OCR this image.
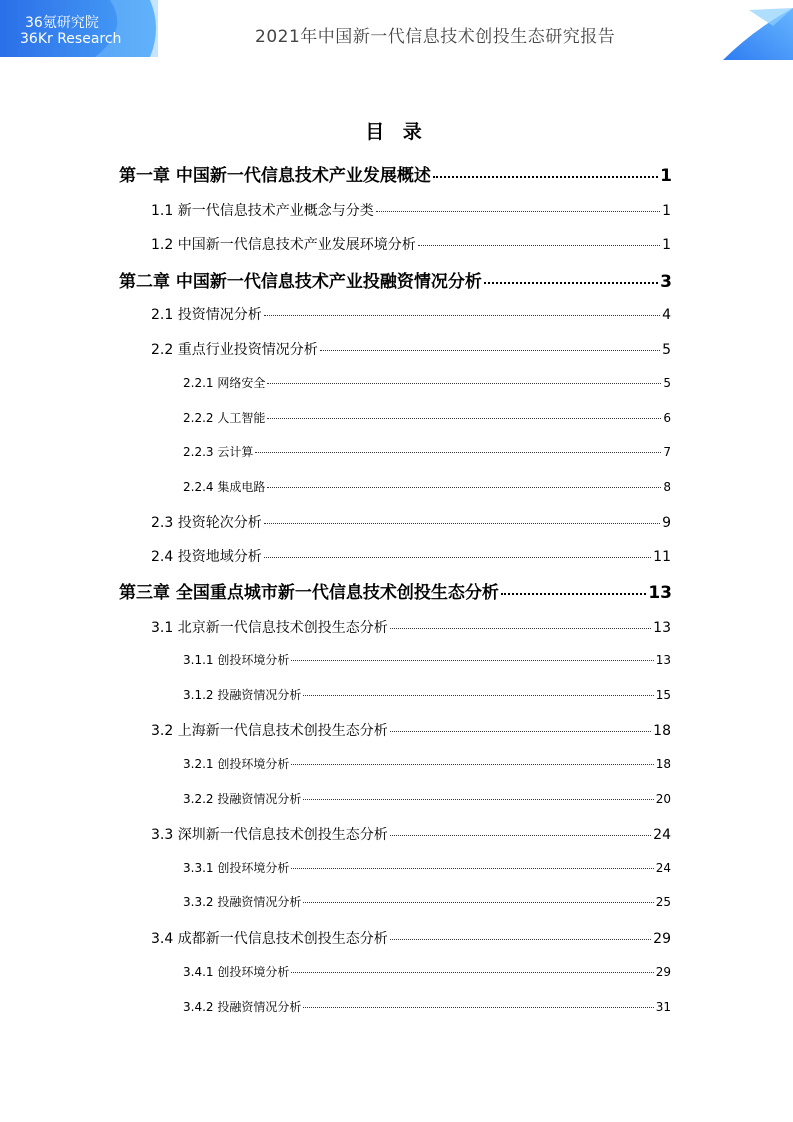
36氪研究院
36Kr Research	2021年中国新一代信息技术创投生态研究报告
目 录
第一章 中国新一代信息技术产业发展概述	1
1.1 新一代信息技术产业概念与分类	1
1.2 中国新一代信息技术产业发展环境分析	1
第二章 中国新一代信息技术产业投融资情况分析	3
2.1 投资情况分析	4
2.2 重点行业投资情况分析	5
2.2.1 网络安全	5
2.2.2 人工智能	6
2.2.3 云计算	7
2.2.4 集成电路	8
2.3 投资轮次分析	9
2.4 投资地域分析	11
第三章 全国重点城市新一代信息技术创投生态分析	13
3.1 北京新一代信息技术创投生态分析	13
3.1.1 创投环境分析	13
3.1.2 投融资情况分析	15
3.2 上海新一代信息技术创投生态分析	18
3.2.1 创投环境分析	18
3.2.2 投融资情况分析	20
3.3 深圳新一代信息技术创投生态分析	24
3.3.1 创投环境分析	24
3.3.2 投融资情况分析	25
3.4 成都新一代信息技术创投生态分析	29
3.4.1 创投环境分析	29
3.4.2 投融资情况分析	31
